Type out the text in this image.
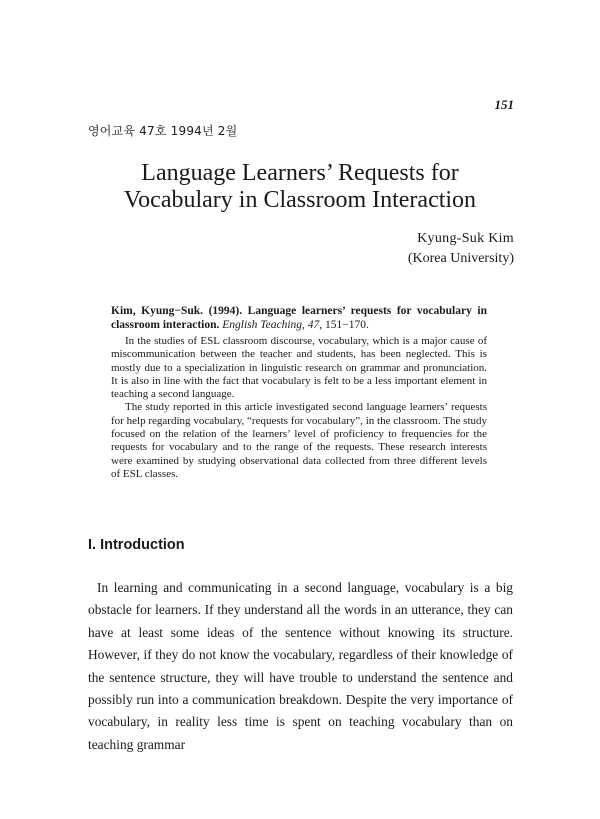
151
영어교육 47호 1994년 2월
Language Learners’ Requests for
Vocabulary in Classroom Interaction
Kyung-Suk Kim
(Korea University)
Kim, Kyung−Suk. (1994). Language learners’ requests for vocabulary in classroom interaction. English Teaching, 47, 151−170.

In the studies of ESL classroom discourse, vocabulary, which is a major cause of miscommunication between the teacher and students, has been neglected. This is mostly due to a specialization in linguistic research on grammar and pronunciation. It is also in line with the fact that vocabulary is felt to be a less important element in teaching a second language.

The study reported in this article investigated second language learners’ requests for help regarding vocabulary, “requests for vocabulary”, in the classroom. The study focused on the relation of the learners’ level of proficiency to frequencies for the requests for vocabulary and to the range of the requests. These research interests were examined by studying observational data collected from three different levels of ESL classes.

I. Introduction

In learning and communicating in a second language, vocabulary is a big obstacle for learners. If they understand all the words in an utterance, they can have at least some ideas of the sentence without knowing its structure. However, if they do not know the vocabulary, regardless of their knowledge of the sentence structure, they will have trouble to understand the sentence and possibly run into a communication breakdown. Despite the very importance of vocabulary, in reality less time is spent on teaching vocabulary than on teaching grammar
